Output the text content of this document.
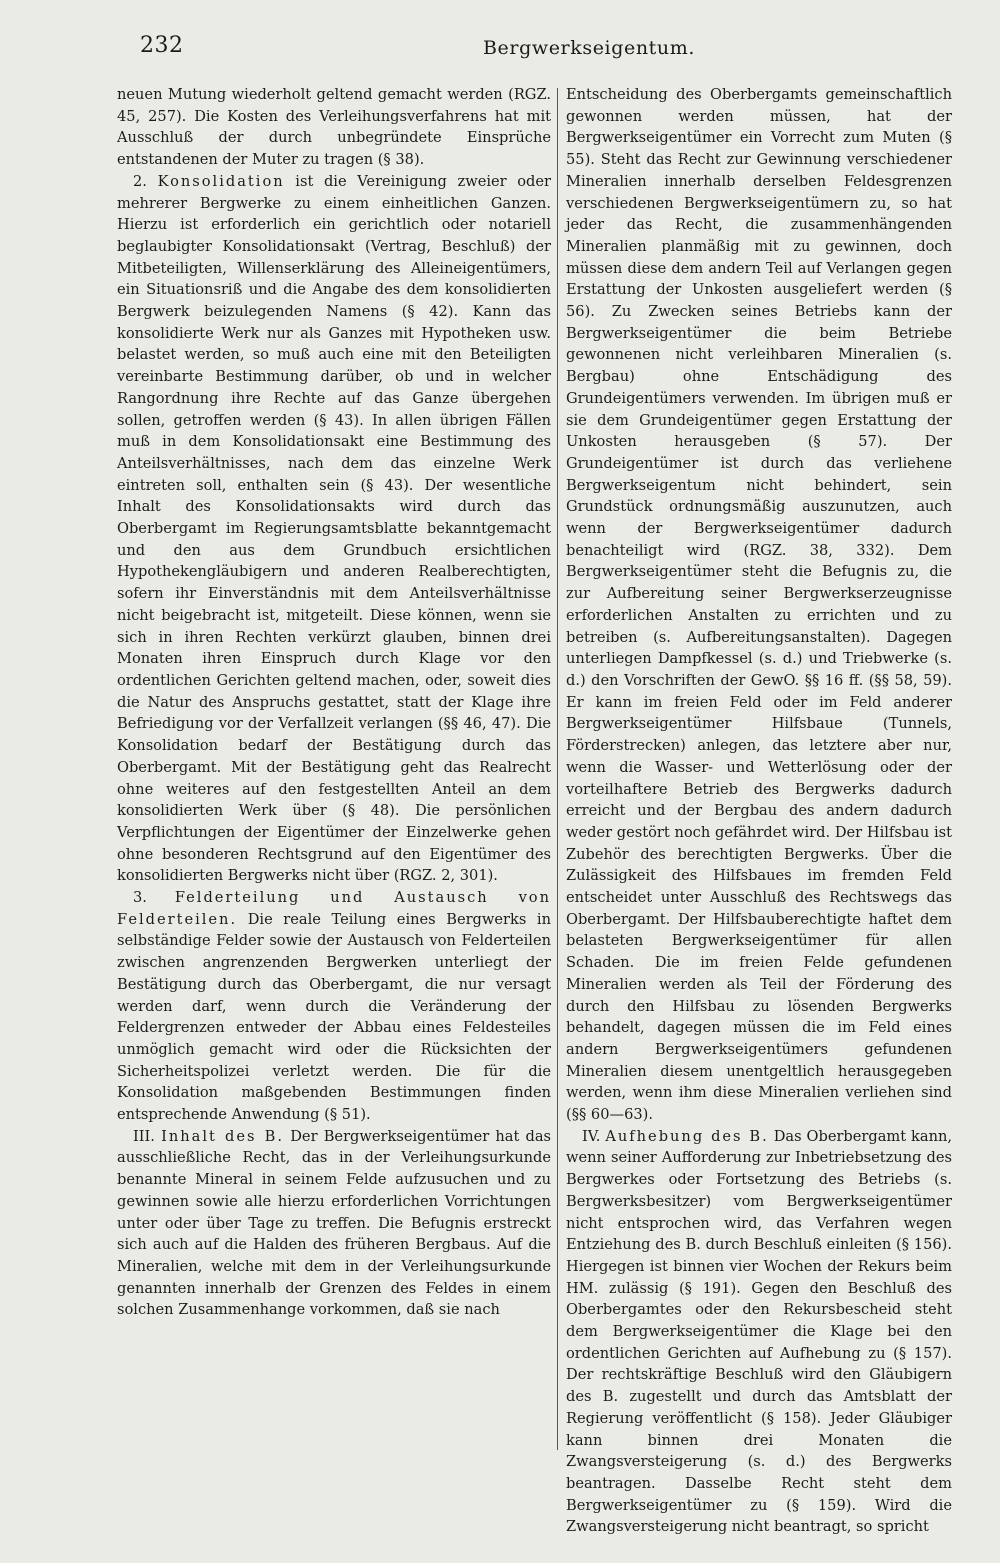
232	Bergwerkseigentum.

neuen Mutung wiederholt geltend gemacht werden (RGZ. 45, 257). Die Kosten des Verleihungsverfahrens hat mit Ausschluß der durch unbegründete Einsprüche entstandenen der Muter zu tragen (§ 38).

2. Konsolidation ist die Vereinigung zweier oder mehrerer Bergwerke zu einem einheitlichen Ganzen. Hierzu ist erforderlich ein gerichtlich oder notariell beglaubigter Konsolidationsakt (Vertrag, Beschluß) der Mitbeteiligten, Willenserklärung des Alleineigentümers, ein Situationsriß und die Angabe des dem konsolidierten Bergwerk beizulegenden Namens (§ 42). Kann das konsolidierte Werk nur als Ganzes mit Hypotheken usw. belastet werden, so muß auch eine mit den Beteiligten vereinbarte Bestimmung darüber, ob und in welcher Rangordnung ihre Rechte auf das Ganze übergehen sollen, getroffen werden (§ 43). In allen übrigen Fällen muß in dem Konsolidationsakt eine Bestimmung des Anteilsverhältnisses, nach dem das einzelne Werk eintreten soll, enthalten sein (§ 43). Der wesentliche Inhalt des Konsolidationsakts wird durch das Oberbergamt im Regierungsamtsblatte bekanntgemacht und den aus dem Grundbuch ersichtlichen Hypothekengläubigern und anderen Realberechtigten, sofern ihr Einverständnis mit dem Anteilsverhältnisse nicht beigebracht ist, mitgeteilt. Diese können, wenn sie sich in ihren Rechten verkürzt glauben, binnen drei Monaten ihren Einspruch durch Klage vor den ordentlichen Gerichten geltend machen, oder, soweit dies die Natur des Anspruchs gestattet, statt der Klage ihre Befriedigung vor der Verfallzeit verlangen (§§ 46, 47). Die Konsolidation bedarf der Bestätigung durch das Oberbergamt. Mit der Bestätigung geht das Realrecht ohne weiteres auf den festgestellten Anteil an dem konsolidierten Werk über (§ 48). Die persönlichen Verpflichtungen der Eigentümer der Einzelwerke gehen ohne besonderen Rechtsgrund auf den Eigentümer des konsolidierten Bergwerks nicht über (RGZ. 2, 301).

3. Felderteilung und Austausch von Felderteilen. Die reale Teilung eines Bergwerks in selbständige Felder sowie der Austausch von Felderteilen zwischen angrenzenden Bergwerken unterliegt der Bestätigung durch das Oberbergamt, die nur versagt werden darf, wenn durch die Veränderung der Feldergrenzen entweder der Abbau eines Feldesteiles unmöglich gemacht wird oder die Rücksichten der Sicherheitspolizei verletzt werden. Die für die Konsolidation maßgebenden Bestimmungen finden entsprechende Anwendung (§ 51).

III. Inhalt des B. Der Bergwerkseigentümer hat das ausschließliche Recht, das in der Verleihungsurkunde benannte Mineral in seinem Felde aufzusuchen und zu gewinnen sowie alle hierzu erforderlichen Vorrichtungen unter oder über Tage zu treffen. Die Befugnis erstreckt sich auch auf die Halden des früheren Bergbaus. Auf die Mineralien, welche mit dem in der Verleihungsurkunde genannten innerhalb der Grenzen des Feldes in einem solchen Zusammenhange vorkommen, daß sie nach

Entscheidung des Oberbergamts gemeinschaftlich gewonnen werden müssen, hat der Bergwerkseigentümer ein Vorrecht zum Muten (§ 55). Steht das Recht zur Gewinnung verschiedener Mineralien innerhalb derselben Feldesgrenzen verschiedenen Bergwerkseigentümern zu, so hat jeder das Recht, die zusammenhängenden Mineralien planmäßig mit zu gewinnen, doch müssen diese dem andern Teil auf Verlangen gegen Erstattung der Unkosten ausgeliefert werden (§ 56). Zu Zwecken seines Betriebs kann der Bergwerkseigentümer die beim Betriebe gewonnenen nicht verleihbaren Mineralien (s. Bergbau) ohne Entschädigung des Grundeigentümers verwenden. Im übrigen muß er sie dem Grundeigentümer gegen Erstattung der Unkosten herausgeben (§ 57). Der Grundeigentümer ist durch das verliehene Bergwerkseigentum nicht behindert, sein Grundstück ordnungsmäßig auszunutzen, auch wenn der Bergwerkseigentümer dadurch benachteiligt wird (RGZ. 38, 332). Dem Bergwerkseigentümer steht die Befugnis zu, die zur Aufbereitung seiner Bergwerkserzeugnisse erforderlichen Anstalten zu errichten und zu betreiben (s. Aufbereitungsanstalten). Dagegen unterliegen Dampfkessel (s. d.) und Triebwerke (s. d.) den Vorschriften der GewO. §§ 16 ff. (§§ 58, 59). Er kann im freien Feld oder im Feld anderer Bergwerkseigentümer Hilfsbaue (Tunnels, Förderstrecken) anlegen, das letztere aber nur, wenn die Wasser- und Wetterlösung oder der vorteilhaftere Betrieb des Bergwerks dadurch erreicht und der Bergbau des andern dadurch weder gestört noch gefährdet wird. Der Hilfsbau ist Zubehör des berechtigten Bergwerks. Über die Zulässigkeit des Hilfsbaues im fremden Feld entscheidet unter Ausschluß des Rechtswegs das Oberbergamt. Der Hilfsbauberechtigte haftet dem belasteten Bergwerkseigentümer für allen Schaden. Die im freien Felde gefundenen Mineralien werden als Teil der Förderung des durch den Hilfsbau zu lösenden Bergwerks behandelt, dagegen müssen die im Feld eines andern Bergwerkseigentümers gefundenen Mineralien diesem unentgeltlich herausgegeben werden, wenn ihm diese Mineralien verliehen sind (§§ 60—63).

IV. Aufhebung des B. Das Oberbergamt kann, wenn seiner Aufforderung zur Inbetriebsetzung des Bergwerkes oder Fortsetzung des Betriebs (s. Bergwerksbesitzer) vom Bergwerkseigentümer nicht entsprochen wird, das Verfahren wegen Entziehung des B. durch Beschluß einleiten (§ 156). Hiergegen ist binnen vier Wochen der Rekurs beim HM. zulässig (§ 191). Gegen den Beschluß des Oberbergamtes oder den Rekursbescheid steht dem Bergwerkseigentümer die Klage bei den ordentlichen Gerichten auf Aufhebung zu (§ 157). Der rechtskräftige Beschluß wird den Gläubigern des B. zugestellt und durch das Amtsblatt der Regierung veröffentlicht (§ 158). Jeder Gläubiger kann binnen drei Monaten die Zwangsversteigerung (s. d.) des Bergwerks beantragen. Dasselbe Recht steht dem Bergwerkseigentümer zu (§ 159). Wird die Zwangsversteigerung nicht beantragt, so spricht
